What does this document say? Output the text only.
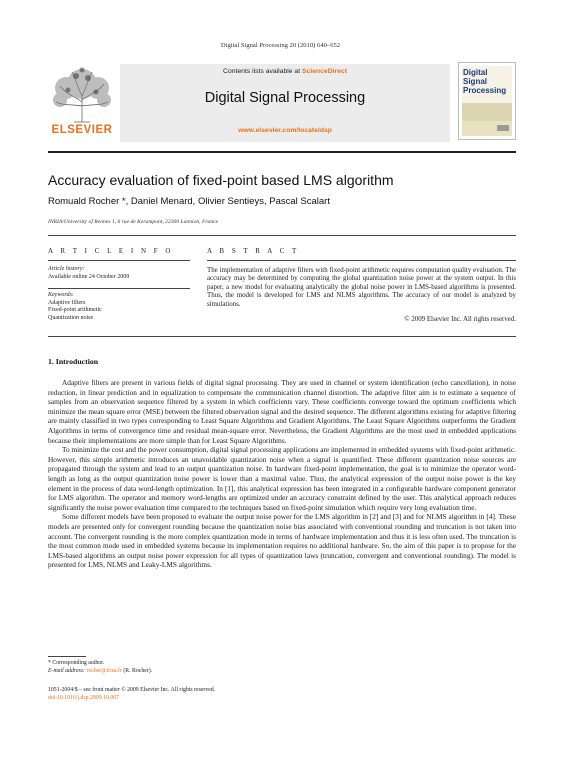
Digital Signal Processing 20 (2010) 640–652
ELSEVIER
Contents lists available at ScienceDirect
Digital Signal Processing
www.elsevier.com/locate/dsp
Digital
Signal
Processing
Accuracy evaluation of fixed-point based LMS algorithm
Romuald Rocher *, Daniel Menard, Olivier Sentieys, Pascal Scalart
INRIA/University of Rennes 1, 6 rue de Kerampont, 22300 Lannion, France
A R T I C L E I N F O
Article history:
Available online 24 October 2009
Keywords:
Adaptive filters
Fixed-point arithmetic
Quantization noise
A B S T R A C T
The implementation of adaptive filters with fixed-point arithmetic requires computation quality evaluation. The accuracy may be determined by computing the global quantization noise power at the system output. In this paper, a new model for evaluating analytically the global noise power in LMS-based algorithms is presented. Thus, the model is developed for LMS and NLMS algorithms. The accuracy of our model is analyzed by simulations.
© 2009 Elsevier Inc. All rights reserved.
1. Introduction

Adaptive filters are present in various fields of digital signal processing. They are used in channel or system identification (echo cancellation), in noise reduction, in linear prediction and in equalization to compensate the communication channel distortion. The adaptive filter aim is to estimate a sequence of samples from an observation sequence filtered by a system in which coefficients vary. These coefficients converge toward the optimum coefficients which minimize the mean square error (MSE) between the filtered observation signal and the desired sequence. The different algorithms existing for adaptive filtering are mainly classified in two types corresponding to Least Square Algorithms and Gradient Algorithms. The Least Square Algorithms outperforms the Gradient Algorithms in terms of convergence time and residual mean-square error. Nevertheless, the Gradient Algorithms are the most used in embedded applications because their implementations are more simple than for Least Square Algorithms.

To minimize the cost and the power consumption, digital signal processing applications are implemented in embedded systems with fixed-point arithmetic. However, this simple arithmetic introduces an unavoidable quantization noise when a signal is quantified. These different quantization noise sources are propagated through the system and lead to an output quantization noise. In hardware fixed-point implementation, the goal is to minimize the operator word-length as long as the output quantization noise power is lower than a maximal value. Thus, the analytical expression of the output noise power is the key element in the process of data word-length optimization. In [1], this analytical expression has been integrated in a configurable hardware component generator for LMS algorithm. The operator and memory word-lengths are optimized under an accuracy constraint defined by the user. This analytical approach reduces significantly the noise power evaluation time compared to the techniques based on fixed-point simulation which require very long evaluation time.

Some different models have been proposed to evaluate the output noise power for the LMS algorithm in [2] and [3] and for NLMS algorithm in [4]. These models are presented only for convergent rounding because the quantization noise bias associated with conventional rounding and truncation is not taken into account. The convergent rounding is the more complex quantization mode in terms of hardware implementation and thus it is less often used. The truncation is the most common mode used in embedded systems because its implementation requires no additional hardware. So, the aim of this paper is to propose for the LMS-based algorithms an output noise power expression for all types of quantization laws (truncation, convergent and conventional rounding). The model is presented for LMS, NLMS and Leaky-LMS algorithms.

* Corresponding author.
E-mail address: rocher@irisa.fr (R. Rocher).
1051-2004/$ – see front matter © 2009 Elsevier Inc. All rights reserved.
doi:10.1016/j.dsp.2009.10.007
